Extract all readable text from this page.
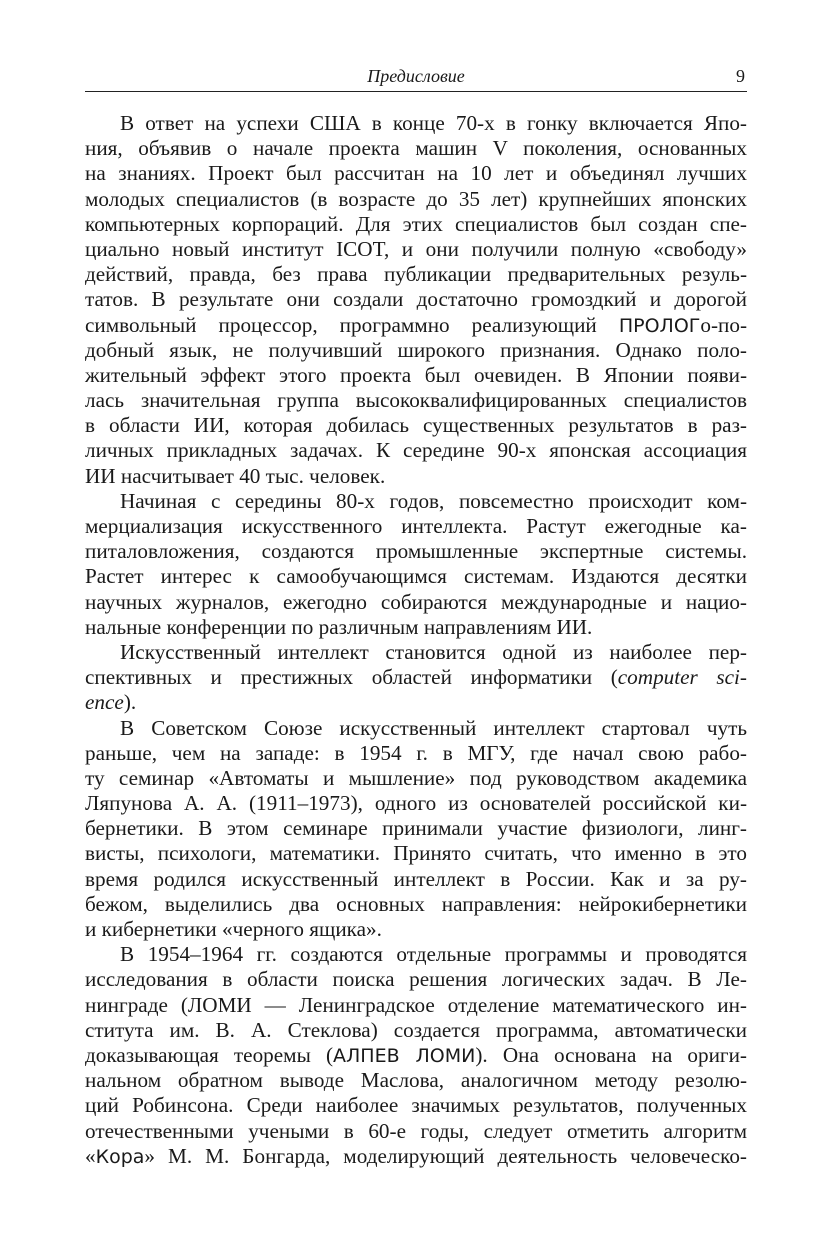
Предисловие	9
В ответ на успехи США в конце 70-х в гонку включается Япо-
ния, объявив о начале проекта машин V поколения, основанных
на знаниях. Проект был рассчитан на 10 лет и объединял лучших
молодых специалистов (в возрасте до 35 лет) крупнейших японских
компьютерных корпораций. Для этих специалистов был создан спе-
циально новый институт ICOT, и они получили полную «свободу»
действий, правда, без права публикации предварительных резуль-
татов. В результате они создали достаточно громоздкий и дорогой
символьный процессор, программно реализующий ПРОЛОГо-по-
добный язык, не получивший широкого признания. Однако поло-
жительный эффект этого проекта был очевиден. В Японии появи-
лась значительная группа высококвалифицированных специалистов
в области ИИ, которая добилась существенных результатов в раз-
личных прикладных задачах. К середине 90-х японская ассоциация
ИИ насчитывает 40 тыс. человек.
Начиная с середины 80-х годов, повсеместно происходит ком-
мерциализация искусственного интеллекта. Растут ежегодные ка-
питаловложения, создаются промышленные экспертные системы.
Растет интерес к самообучающимся системам. Издаются десятки
научных журналов, ежегодно собираются международные и нацио-
нальные конференции по различным направлениям ИИ.
Искусственный интеллект становится одной из наиболее пер-
спективных и престижных областей информатики (computer sci-
ence).
В Советском Союзе искусственный интеллект стартовал чуть
раньше, чем на западе: в 1954 г. в МГУ, где начал свою рабо-
ту семинар «Автоматы и мышление» под руководством академика
Ляпунова А. А. (1911–1973), одного из основателей российской ки-
бернетики. В этом семинаре принимали участие физиологи, линг-
висты, психологи, математики. Принято считать, что именно в это
время родился искусственный интеллект в России. Как и за ру-
бежом, выделились два основных направления: нейрокибернетики
и кибернетики «черного ящика».
В 1954–1964 гг. создаются отдельные программы и проводятся
исследования в области поиска решения логических задач. В Ле-
нинграде (ЛОМИ — Ленинградское отделение математического ин-
ститута им. В. А. Стеклова) создается программа, автоматически
доказывающая теоремы (АЛПЕВ ЛОМИ). Она основана на ориги-
нальном обратном выводе Маслова, аналогичном методу резолю-
ций Робинсона. Среди наиболее значимых результатов, полученных
отечественными учеными в 60-е годы, следует отметить алгоритм
«Кора» М. М. Бонгарда, моделирующий деятельность человеческо-
